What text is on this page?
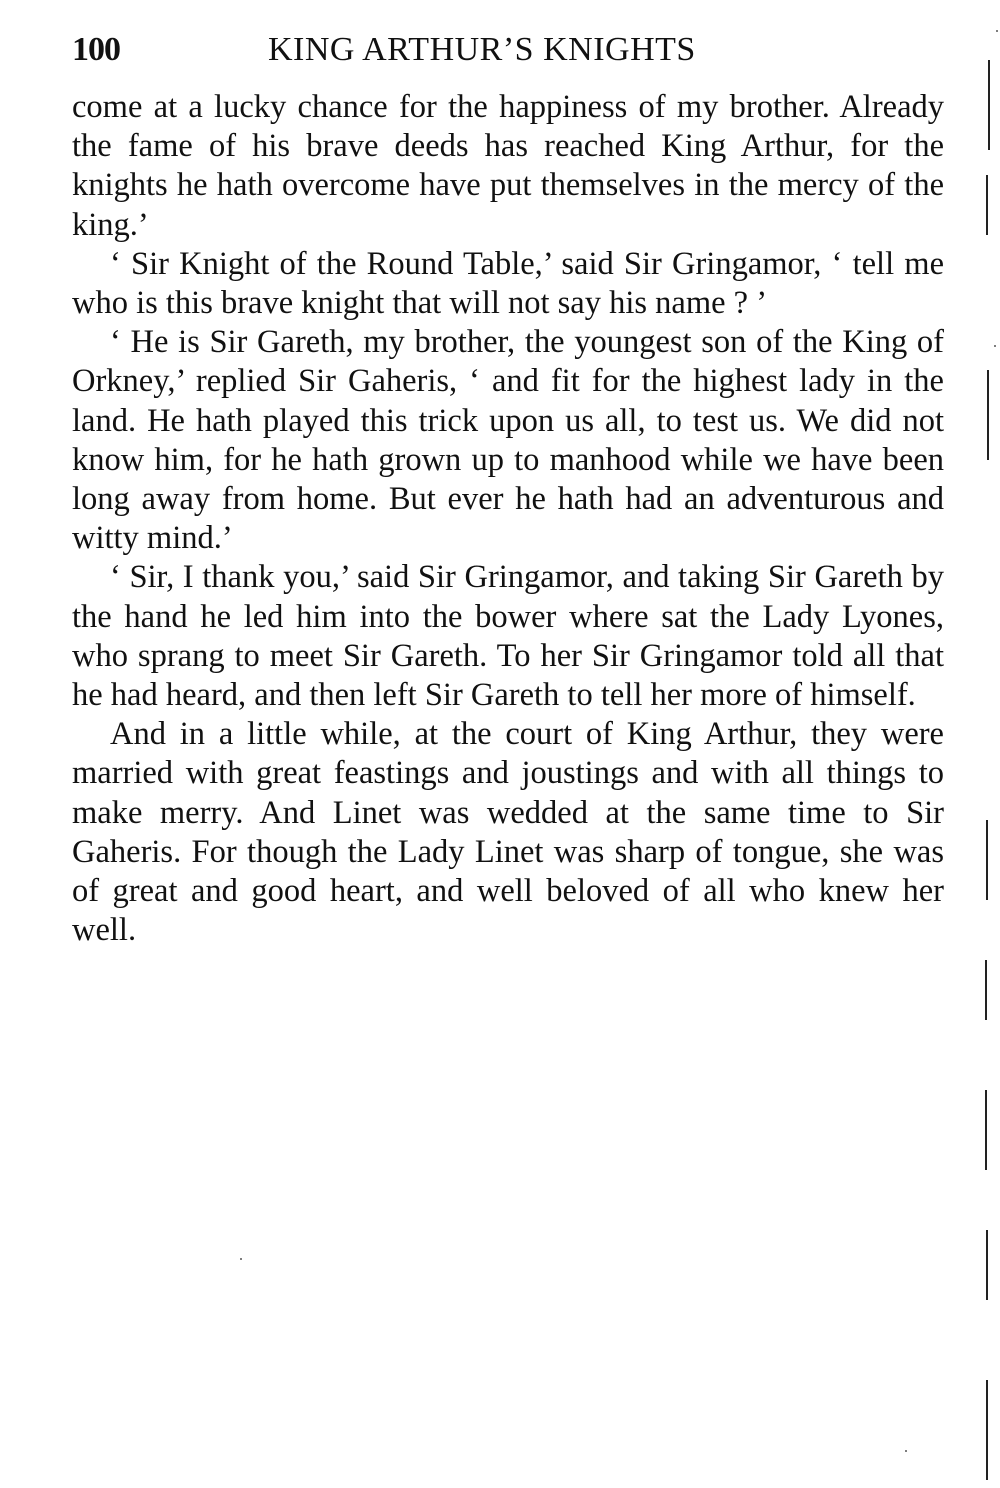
100	KING ARTHUR’S KNIGHTS

come at a lucky chance for the happiness of my brother. Already the fame of his brave deeds has reached King Arthur, for the knights he hath overcome have put themselves in the mercy of the king.’

‘ Sir Knight of the Round Table,’ said Sir Gringamor, ‘ tell me who is this brave knight that will not say his name ? ’

‘ He is Sir Gareth, my brother, the youngest son of the King of Orkney,’ replied Sir Gaheris, ‘ and fit for the highest lady in the land. He hath played this trick upon us all, to test us. We did not know him, for he hath grown up to manhood while we have been long away from home. But ever he hath had an adventurous and witty mind.’

‘ Sir, I thank you,’ said Sir Gringamor, and taking Sir Gareth by the hand he led him into the bower where sat the Lady Lyones, who sprang to meet Sir Gareth. To her Sir Gringamor told all that he had heard, and then left Sir Gareth to tell her more of himself.

And in a little while, at the court of King Arthur, they were married with great feastings and joustings and with all things to make merry. And Linet was wedded at the same time to Sir Gaheris. For though the Lady Linet was sharp of tongue, she was of great and good heart, and well beloved of all who knew her well.
